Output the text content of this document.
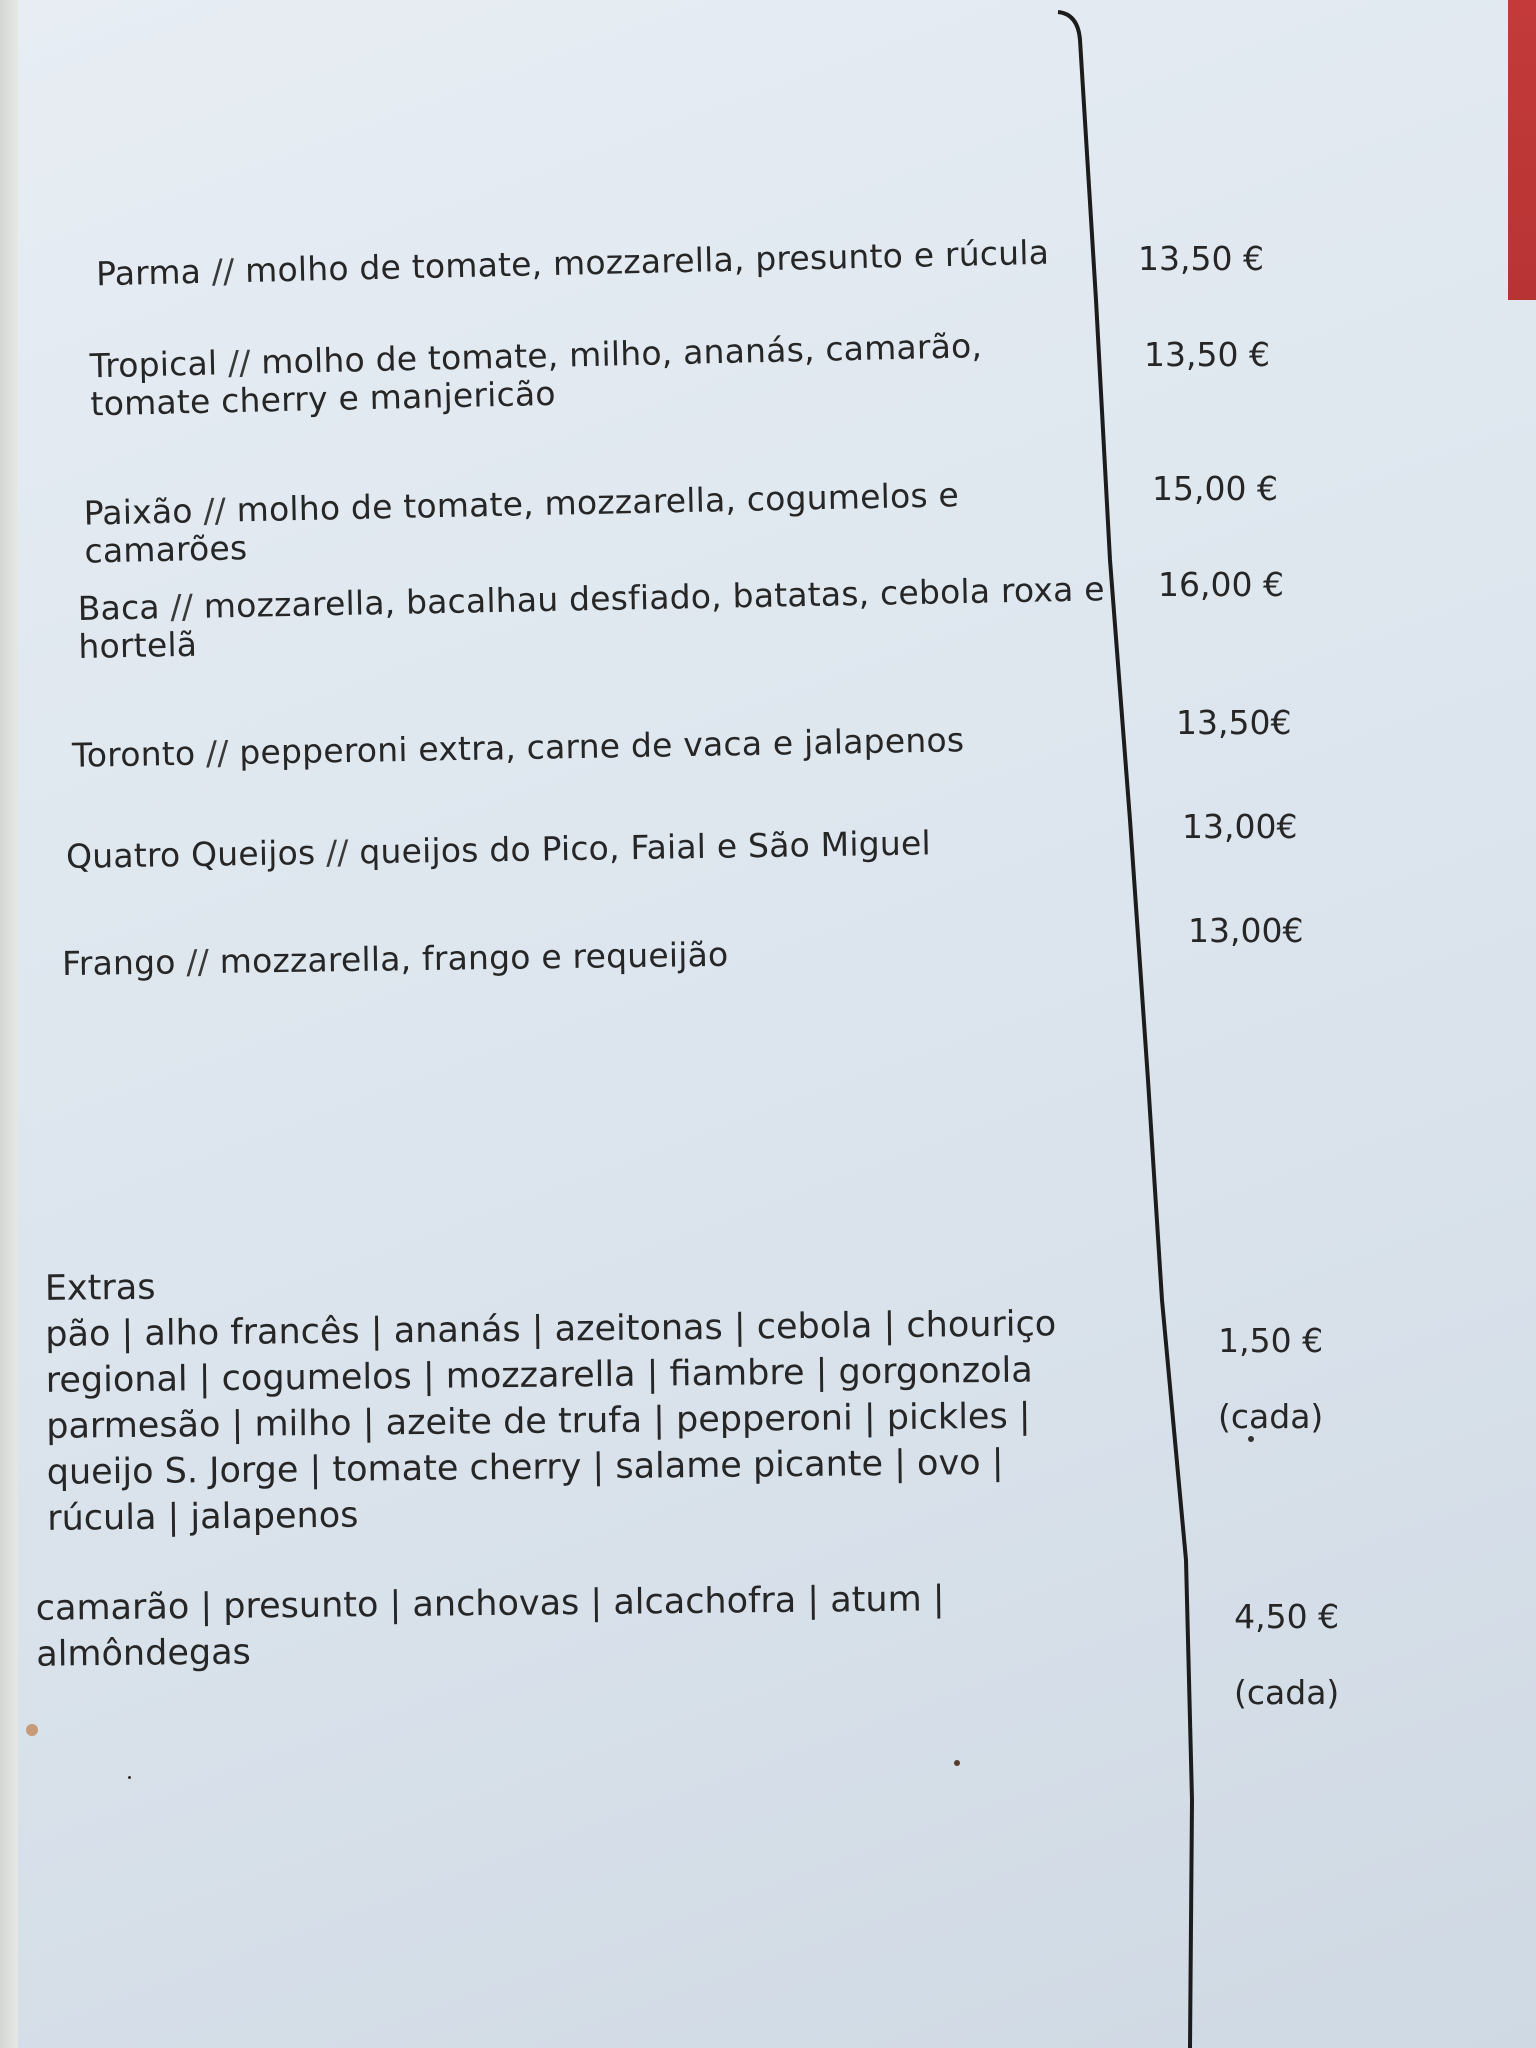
Parma // molho de tomate, mozzarella, presunto e rúcula	13,50 €
Tropical // molho de tomate, milho, ananás, camarão,
tomate cherry e manjericão
13,50 €
Paixão // molho de tomate, mozzarella, cogumelos e camarões
15,00 €
Baca // mozzarella, bacalhau desfiado, batatas, cebola roxa e
hortelã
16,00 €
Toronto // pepperoni extra, carne de vaca e jalapenos	13,50€
Quatro Queijos // queijos do Pico, Faial e São Miguel	13,00€
Frango // mozzarella, frango e requeijão
13,00€
Extras
pão | alho francês | ananás | azeitonas | cebola | chouriço
regional | cogumelos | mozzarella | fiambre | gorgonzola
parmesão | milho | azeite de trufa | pepperoni | pickles |
queijo S. Jorge | tomate cherry | salame picante | ovo |
rúcula | jalapenos

1,50 €

(cada)

camarão | presunto | anchovas | alcachofra | atum |
almôndegas

4,50 €

(cada)
